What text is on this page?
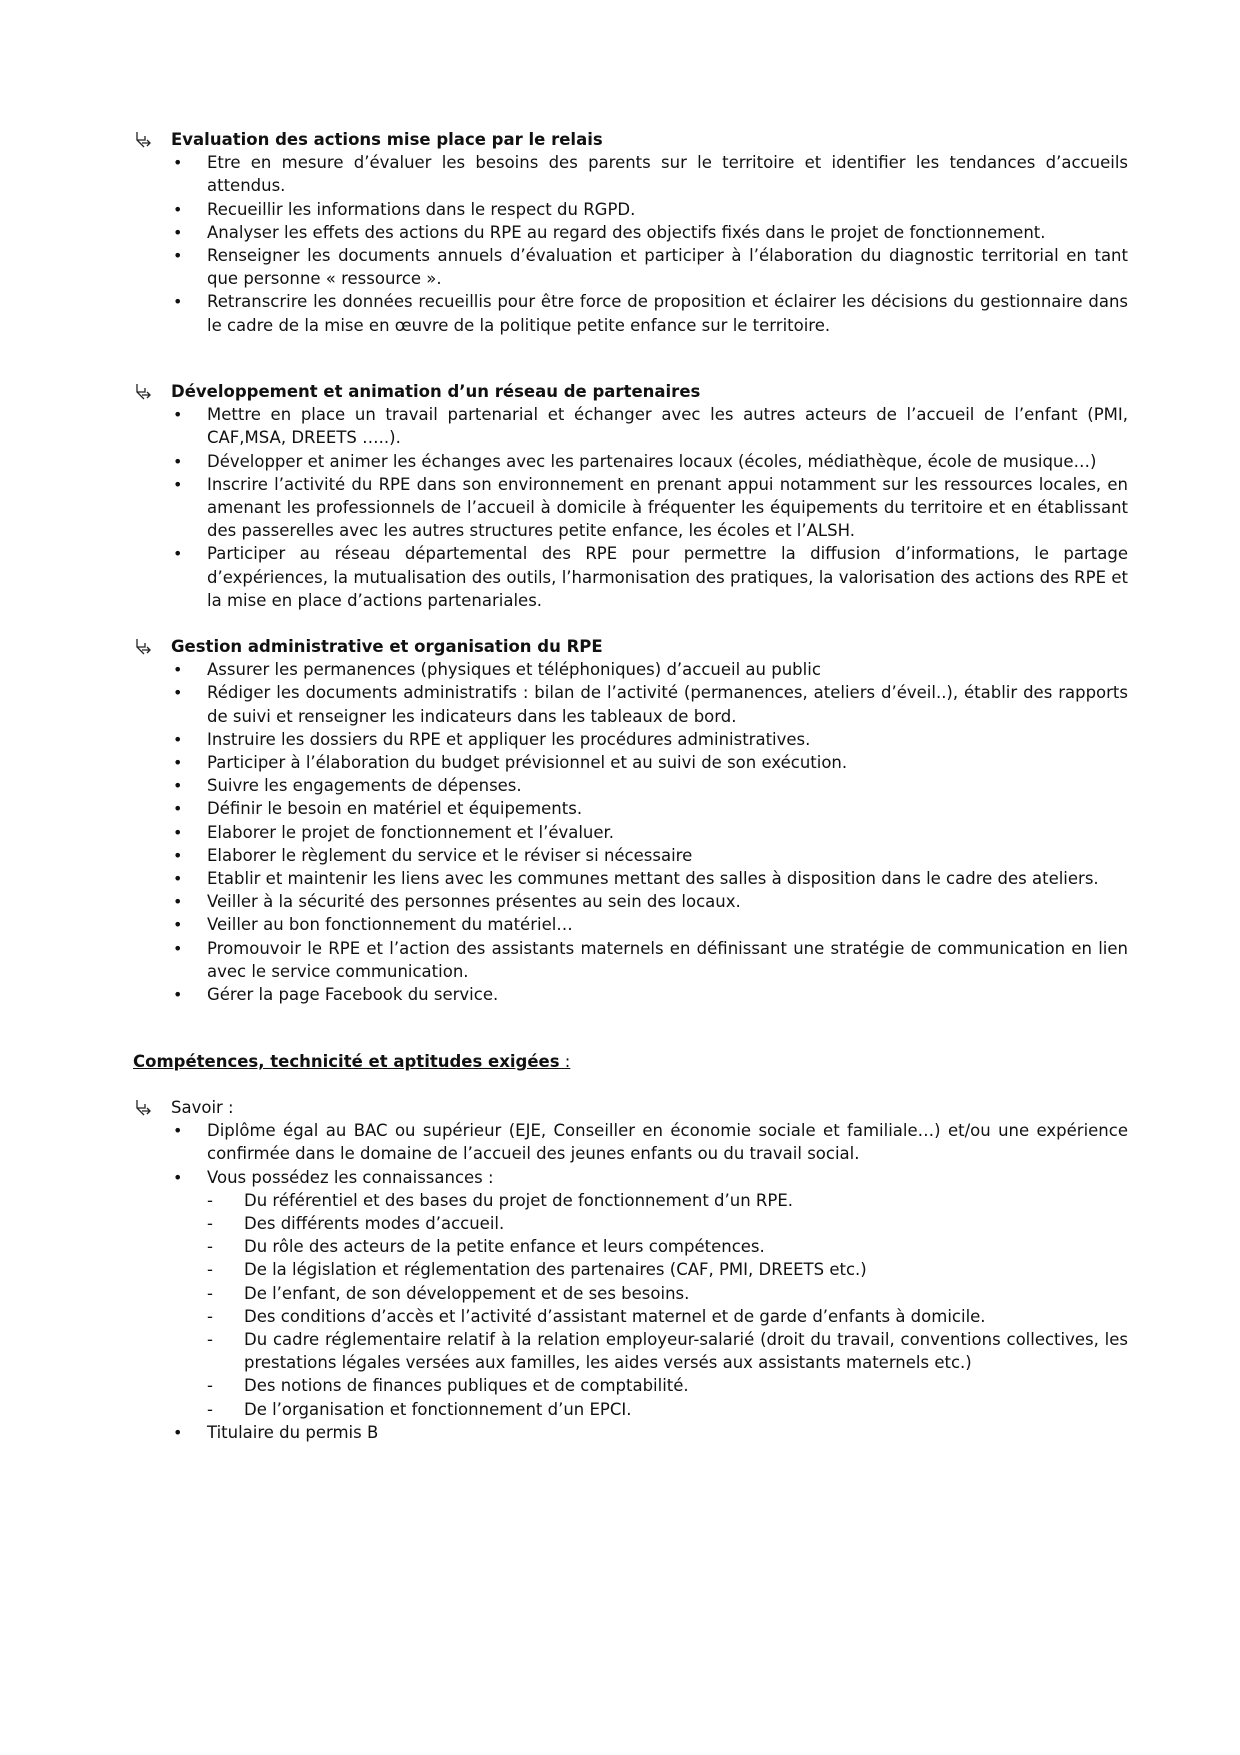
Evaluation des actions mise place par le relais
• Etre en mesure d’évaluer les besoins des parents sur le territoire et identifier les tendances d’accueils attendus.
• Recueillir les informations dans le respect du RGPD.
• Analyser les effets des actions du RPE au regard des objectifs fixés dans le projet de fonctionnement.
• Renseigner les documents annuels d’évaluation et participer à l’élaboration du diagnostic territorial en tant que personne « ressource ».
• Retranscrire les données recueillis pour être force de proposition et éclairer les décisions du gestionnaire dans le cadre de la mise en œuvre de la politique petite enfance sur le territoire.
Développement et animation d’un réseau de partenaires
• Mettre en place un travail partenarial et échanger avec les autres acteurs de l’accueil de l’enfant (PMI, CAF,MSA, DREETS …..).
• Développer et animer les échanges avec les partenaires locaux (écoles, médiathèque, école de musique…)
• Inscrire l’activité du RPE dans son environnement en prenant appui notamment sur les ressources locales, en amenant les professionnels de l’accueil à domicile à fréquenter les équipements du territoire et en établissant des passerelles avec les autres structures petite enfance, les écoles et l’ALSH.
• Participer au réseau départemental des RPE pour permettre la diffusion d’informations, le partage d’expériences, la mutualisation des outils, l’harmonisation des pratiques, la valorisation des actions des RPE et la mise en place d’actions partenariales.
Gestion administrative et organisation du RPE
• Assurer les permanences (physiques et téléphoniques) d’accueil au public
• Rédiger les documents administratifs : bilan de l’activité (permanences, ateliers d’éveil..), établir des rapports de suivi et renseigner les indicateurs dans les tableaux de bord.
• Instruire les dossiers du RPE et appliquer les procédures administratives.
• Participer à l’élaboration du budget prévisionnel et au suivi de son exécution.
• Suivre les engagements de dépenses.
• Définir le besoin en matériel et équipements.
• Elaborer le projet de fonctionnement et l’évaluer.
• Elaborer le règlement du service et le réviser si nécessaire
• Etablir et maintenir les liens avec les communes mettant des salles à disposition dans le cadre des ateliers.
• Veiller à la sécurité des personnes présentes au sein des locaux.
• Veiller au bon fonctionnement du matériel…
• Promouvoir le RPE et l’action des assistants maternels en définissant une stratégie de communication en lien avec le service communication.
• Gérer la page Facebook du service.
Compétences, technicité et aptitudes exigées :
Savoir :
• Diplôme égal au BAC ou supérieur (EJE, Conseiller en économie sociale et familiale…) et/ou une expérience confirmée dans le domaine de l’accueil des jeunes enfants ou du travail social.
• Vous possédez les connaissances :
- Du référentiel et des bases du projet de fonctionnement d’un RPE.
- Des différents modes d’accueil.
- Du rôle des acteurs de la petite enfance et leurs compétences.
- De la législation et réglementation des partenaires (CAF, PMI, DREETS etc.)
- De l’enfant, de son développement et de ses besoins.
- Des conditions d’accès et l’activité d’assistant maternel et de garde d’enfants à domicile.
- Du cadre réglementaire relatif à la relation employeur-salarié (droit du travail, conventions collectives, les prestations légales versées aux familles, les aides versés aux assistants maternels etc.)
- Des notions de finances publiques et de comptabilité.
- De l’organisation et fonctionnement d’un EPCI.
• Titulaire du permis B
